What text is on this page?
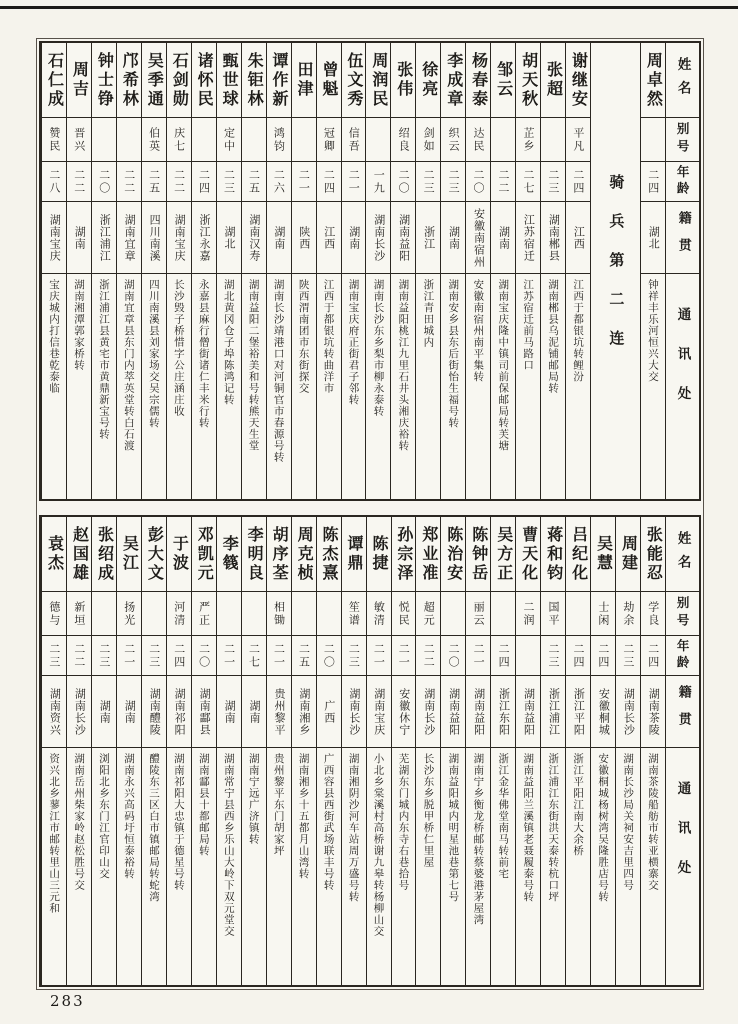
姓名
别号
年龄
籍贯
通讯处
周卓然
二四
湖北
钟祥丰乐河恒兴大交
骑兵第二连
谢继安
平凡
二四
江西
江西于都银坑转鲤汾
张超
二三
湖南郴县
湖南郴县乌泥铺邮局转
胡天秋
芷乡
二七
江苏宿迁
江苏宿迁前马路口
邹云
二二
湖南
湖南宝庆隆中镇司前保邮局转芙塘
杨春泰
达民
二〇
安徽南宿州
安徽南宿州南平集转
李成章
织云
二三
湖南
湖南安乡县东后街怡生福号转
徐亮
剑如
二三
浙江
浙江青田城内
张伟
绍良
二〇
湖南益阳
湖南益阳桃江九里石井头湘庆裕转
周润民
一九
湖南长沙
湖南长沙东乡梨市柳永泰转
伍文秀
信吾
二一
湖南
湖南宝庆府正街君子邻转
曾魁
冠卿
二四
江西
江西于都银坑转曲洋市
田津
二一
陕西
陕西渭南团市东街探交
谭作新
鸿钧
二六
湖南
湖南长沙靖港口对河铜官市春源号转
朱钜林
二五
湖南汉寿
湖南益阳二堡裕美和号转熊天生堂
甄世球
定中
二三
湖北
湖北黄冈仓子埠陈鸿记转
诸怀民
二四
浙江永嘉
永嘉县麻行僧街诸仁丰米行转
石剑勋
庆七
二二
湖南宝庆
长沙毁子桥惜字公庄涵庄收
吴季通
伯英
二五
四川南溪
四川南溪县刘家场交吴宗儒转
邝希林
二二
湖南宜章
湖南宜章县东门内萃英堂转白石渡
钟士铮
二〇
浙江浦江
浙江浦江县黄宅市黄鼎新宝号转
周吉
晋兴
二二
湖南
湖南湘潭郭家桥转
石仁成
赞民
二八
湖南宝庆
宝庆城内打信巷乾泰临
姓名
别号
年龄
籍贯
通讯处
张能忍
学良
二四
湖南茶陵
湖南茶陵船舫市转亚横寨交
周建
劫余
二三
湖南长沙
湖南长沙局关祠安吉里四号
吴慧
士闲
二四
安徽桐城
安徽桐城杨树湾吴隆胜店号转
吕纪化
二四
浙江平阳
浙江平阳江南大余桥
蒋和钧
国平
二三
浙江浦江
浙江浦江东街洪天泰转杭口坪
曹天化
二润
湖南益阳
湖南益阳兰溪镇老聂履泰号转
吴方正
二四
浙江东阳
浙江金华佛堂南马转前宅
陈钟岳
丽云
二一
湖南益阳
湖南宁乡衡龙桥邮转蔡婆港茅屋湾
陈治安
二〇
湖南益阳
湖南益阳城内明星池巷第七号
郑业准
超元
二二
湖南长沙
长沙东乡脱甲桥仁里屋
孙宗泽
悦民
二一
安徽休宁
芜湖东门城内东寺右巷拾号
陈捷
敏清
二一
湖南宝庆
小北乡棠溪村高桥谢九皋转杨柳山交
谭鼎
笙谱
二三
湖南长沙
湖南湘阴沙河车站周万盛号转
陈杰熹
二〇
广西
广西容县西街武场联丰号转
周克桢
二五
湖南湘乡
湖南湘乡十五都月山湾转
胡序荃
相锄
二一
贵州黎平
贵州黎平东门胡家坪
李明良
二七
湖南
湖南宁远广济镇转
李篯
二一
湖南
湖南常宁县西乡乐山大岭下双元堂交
邓凯元
严正
二〇
湖南酃县
湖南酃县十都邮局转
于波
河清
二四
湖南祁阳
湖南祁阳大忠镇于德星号转
彭大文
二三
湖南醴陵
醴陵东三区白市镇邮局转蛇湾
吴江
扬光
二一
湖南
湖南永兴高码圩恒泰裕转
张绍成
二三
湖南
浏阳北乡东门江官印山交
赵国雄
新垣
二二
湖南长沙
湖南岳州柴家岭赵松胜号交
袁杰
德与
二三
湖南资兴
资兴北乡蓼江市邮转里山三元和
283
